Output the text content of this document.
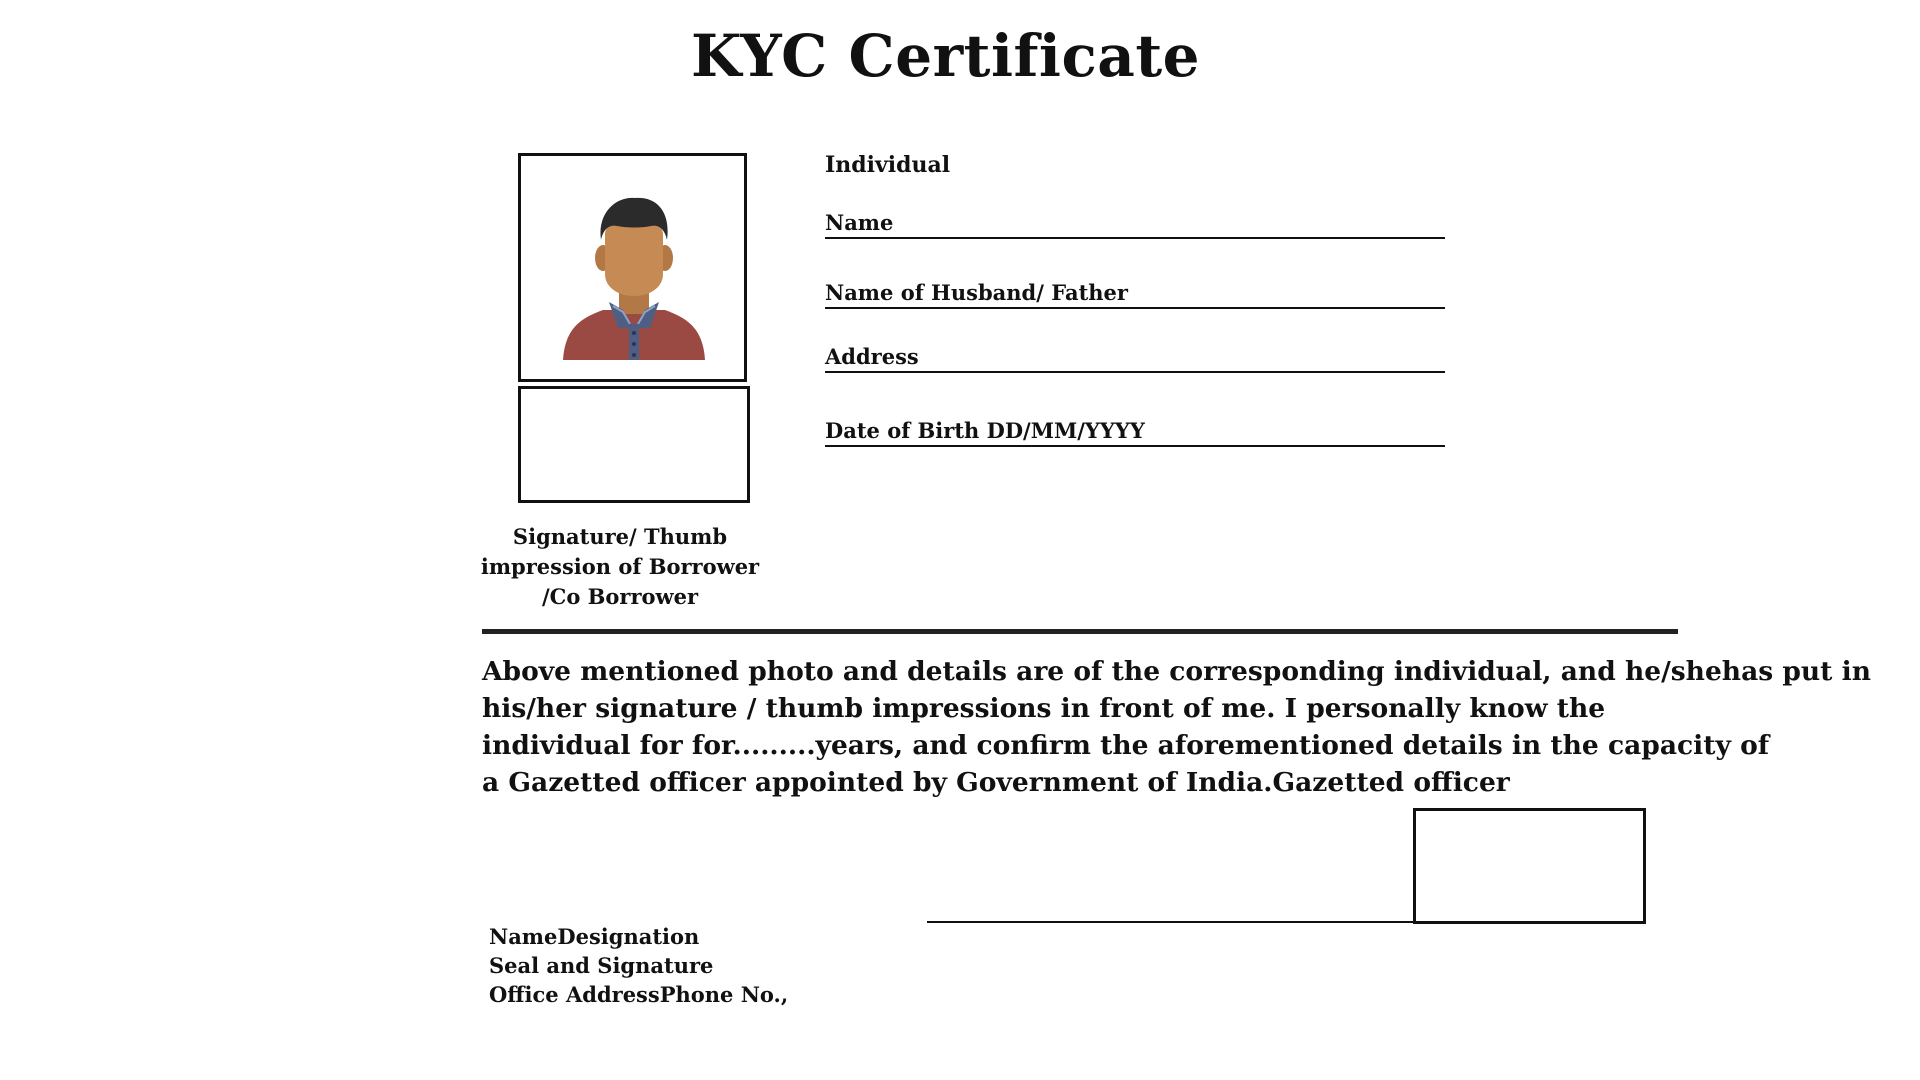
KYC Certificate
Signature/ Thumb
impression of Borrower
/Co Borrower
Individual
Name
Name of Husband/ Father
Address
Date of Birth DD/MM/YYYY
Above mentioned photo and details are of the corresponding individual, and he/shehas put in
his/her signature / thumb impressions in front of me. I personally know the
individual for for.........years, and confirm the aforementioned details in the capacity of
a Gazetted officer appointed by Government of India.Gazetted officer
NameDesignation
Seal and Signature
Office AddressPhone No.,
